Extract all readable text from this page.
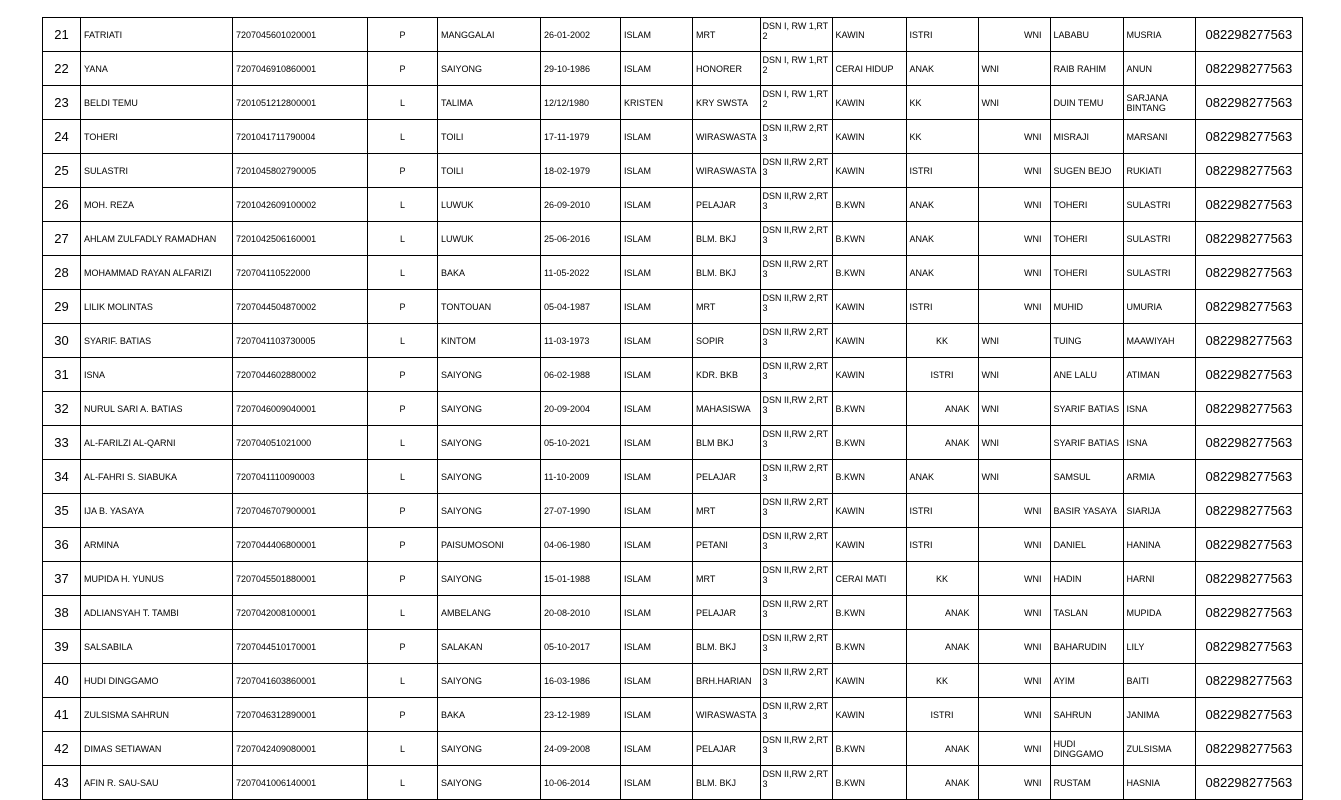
21	FATRIATI	7207045601020001	P	MANGGALAI	26-01-2002	ISLAM	MRT	DSN I, RW 1,RT 2	KAWIN	ISTRI	WNI	LABABU	MUSRIA	082298277563
22	YANA	7207046910860001	P	SAIYONG	29-10-1986	ISLAM	HONORER	DSN I, RW 1,RT 2	CERAI HIDUP	ANAK	WNI	RAIB RAHIM	ANUN	082298277563
23	BELDI TEMU	7201051212800001	L	TALIMA	12/12/1980	KRISTEN	KRY SWSTA	DSN I, RW 1,RT 2	KAWIN	KK	WNI	DUIN TEMU	SARJANA BINTANG	082298277563
24	TOHERI	7201041711790004	L	TOILI	17-11-1979	ISLAM	WIRASWASTA	DSN II,RW 2,RT 3	KAWIN	KK	WNI	MISRAJI	MARSANI	082298277563
25	SULASTRI	7201045802790005	P	TOILI	18-02-1979	ISLAM	WIRASWASTA	DSN II,RW 2,RT 3	KAWIN	ISTRI	WNI	SUGEN BEJO	RUKIATI	082298277563
26	MOH. REZA	7201042609100002	L	LUWUK	26-09-2010	ISLAM	PELAJAR	DSN II,RW 2,RT 3	B.KWN	ANAK	WNI	TOHERI	SULASTRI	082298277563
27	AHLAM ZULFADLY RAMADHAN	7201042506160001	L	LUWUK	25-06-2016	ISLAM	BLM. BKJ	DSN II,RW 2,RT 3	B.KWN	ANAK	WNI	TOHERI	SULASTRI	082298277563
28	MOHAMMAD RAYAN ALFARIZI	720704110522000	L	BAKA	11-05-2022	ISLAM	BLM. BKJ	DSN II,RW 2,RT 3	B.KWN	ANAK	WNI	TOHERI	SULASTRI	082298277563
29	LILIK MOLINTAS	7207044504870002	P	TONTOUAN	05-04-1987	ISLAM	MRT	DSN II,RW 2,RT 3	KAWIN	ISTRI	WNI	MUHID	UMURIA	082298277563
30	SYARIF. BATIAS	7207041103730005	L	KINTOM	11-03-1973	ISLAM	SOPIR	DSN II,RW 2,RT 3	KAWIN	KK	WNI	TUING	MAAWIYAH	082298277563
31	ISNA	7207044602880002	P	SAIYONG	06-02-1988	ISLAM	KDR. BKB	DSN II,RW 2,RT 3	KAWIN	ISTRI	WNI	ANE LALU	ATIMAN	082298277563
32	NURUL SARI A. BATIAS	7207046009040001	P	SAIYONG	20-09-2004	ISLAM	MAHASISWA	DSN II,RW 2,RT 3	B.KWN	ANAK	WNI	SYARIF BATIAS	ISNA	082298277563
33	AL-FARILZI AL-QARNI	720704051021000	L	SAIYONG	05-10-2021	ISLAM	BLM BKJ	DSN II,RW 2,RT 3	B.KWN	ANAK	WNI	SYARIF BATIAS	ISNA	082298277563
34	AL-FAHRI S. SIABUKA	7207041110090003	L	SAIYONG	11-10-2009	ISLAM	PELAJAR	DSN II,RW 2,RT 3	B.KWN	ANAK	WNI	SAMSUL	ARMIA	082298277563
35	IJA B. YASAYA	7207046707900001	P	SAIYONG	27-07-1990	ISLAM	MRT	DSN II,RW 2,RT 3	KAWIN	ISTRI	WNI	BASIR YASAYA	SIARIJA	082298277563
36	ARMINA	7207044406800001	P	PAISUMOSONI	04-06-1980	ISLAM	PETANI	DSN II,RW 2,RT 3	KAWIN	ISTRI	WNI	DANIEL	HANINA	082298277563
37	MUPIDA H. YUNUS	7207045501880001	P	SAIYONG	15-01-1988	ISLAM	MRT	DSN II,RW 2,RT 3	CERAI MATI	KK	WNI	HADIN	HARNI	082298277563
38	ADLIANSYAH T. TAMBI	7207042008100001	L	AMBELANG	20-08-2010	ISLAM	PELAJAR	DSN II,RW 2,RT 3	B.KWN	ANAK	WNI	TASLAN	MUPIDA	082298277563
39	SALSABILA	7207044510170001	P	SALAKAN	05-10-2017	ISLAM	BLM. BKJ	DSN II,RW 2,RT 3	B.KWN	ANAK	WNI	BAHARUDIN	LILY	082298277563
40	HUDI DINGGAMO	7207041603860001	L	SAIYONG	16-03-1986	ISLAM	BRH.HARIAN	DSN II,RW 2,RT 3	KAWIN	KK	WNI	AYIM	BAITI	082298277563
41	ZULSISMA SAHRUN	7207046312890001	P	BAKA	23-12-1989	ISLAM	WIRASWASTA	DSN II,RW 2,RT 3	KAWIN	ISTRI	WNI	SAHRUN	JANIMA	082298277563
42	DIMAS SETIAWAN	7207042409080001	L	SAIYONG	24-09-2008	ISLAM	PELAJAR	DSN II,RW 2,RT 3	B.KWN	ANAK	WNI	HUDI DINGGAMO	ZULSISMA	082298277563
43	AFIN R. SAU-SAU	7207041006140001	L	SAIYONG	10-06-2014	ISLAM	BLM. BKJ	DSN II,RW 2,RT 3	B.KWN	ANAK	WNI	RUSTAM	HASNIA	082298277563
